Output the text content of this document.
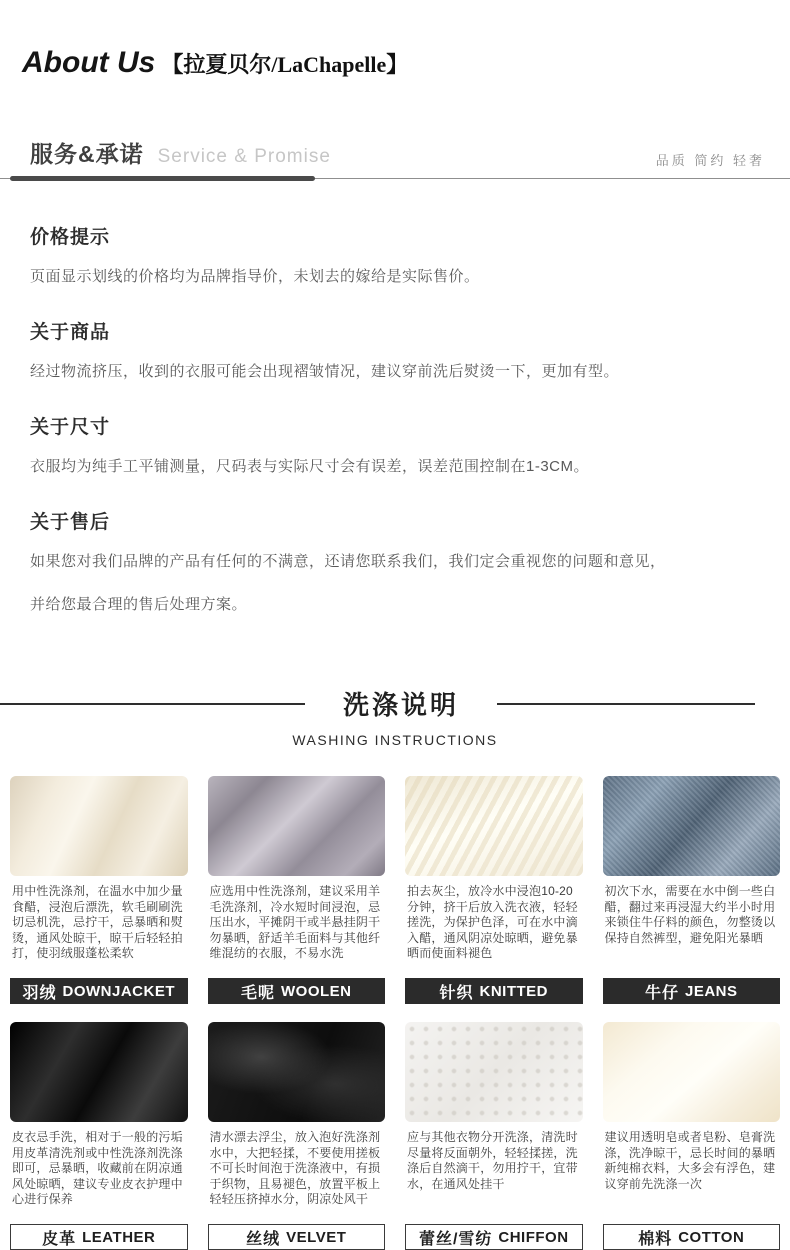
About Us 【拉夏贝尔/LaChapelle】
服务&承诺 Service & Promise	品质 简约 轻奢
价格提示

页面显示划线的价格均为品牌指导价，未划去的嫁给是实际售价。

关于商品

经过物流挤压，收到的衣服可能会出现褶皱情况，建议穿前洗后熨烫一下，更加有型。

关于尺寸

衣服均为纯手工平铺测量，尺码表与实际尺寸会有误差，误差范围控制在1-3CM。

关于售后

如果您对我们品牌的产品有任何的不满意，还请您联系我们，我们定会重视您的问题和意见，

并给您最合理的售后处理方案。

洗涤说明
WASHING INSTRUCTIONS

用中性洗涤剂，在温水中加少量食醋，浸泡后漂洗，软毛刷刷洗切忌机洗，忌拧干，忌暴晒和熨烫，通风处晾干，晾干后轻轻拍打，使羽绒服蓬松柔软

羽绒 DOWNJACKET

应选用中性洗涤剂，建议采用羊毛洗涤剂，冷水短时间浸泡，忌压出水，平摊阴干或半悬挂阴干勿暴晒，舒适羊毛面料与其他纤维混纺的衣服，不易水洗

毛呢 WOOLEN

拍去灰尘，放冷水中浸泡10-20分钟，挤干后放入洗衣液，轻轻搓洗，为保护色泽，可在水中滴入醋，通风阴凉处晾晒，避免暴晒而使面料褪色

针织 KNITTED

初次下水，需要在水中倒一些白醋，翻过来再浸湿大约半小时用来锁住牛仔料的颜色，勿整烫以保持自然裤型，避免阳光暴晒

牛仔 JEANS

皮衣忌手洗，相对于一般的污垢用皮革清洗剂或中性洗涤剂洗涤即可，忌暴晒，收藏前在阴凉通风处晾晒，建议专业皮衣护理中心进行保养

皮革 LEATHER

清水漂去浮尘，放入泡好洗涤剂水中，大把轻揉，不要使用搓板不可长时间泡于洗涤液中，有损于织物，且易褪色，放置平板上轻轻压挤掉水分，阴凉处风干

丝绒 VELVET

应与其他衣物分开洗涤，清洗时尽量将反面朝外，轻轻揉搓，洗涤后自然滴干，勿用拧干，宜带水，在通风处挂干

蕾丝/雪纺 CHIFFON

建议用透明皂或者皂粉、皂膏洗涤，洗净晾干，忌长时间的暴晒新纯棉衣料，大多会有浮色，建议穿前先洗涤一次

棉料 COTTON
